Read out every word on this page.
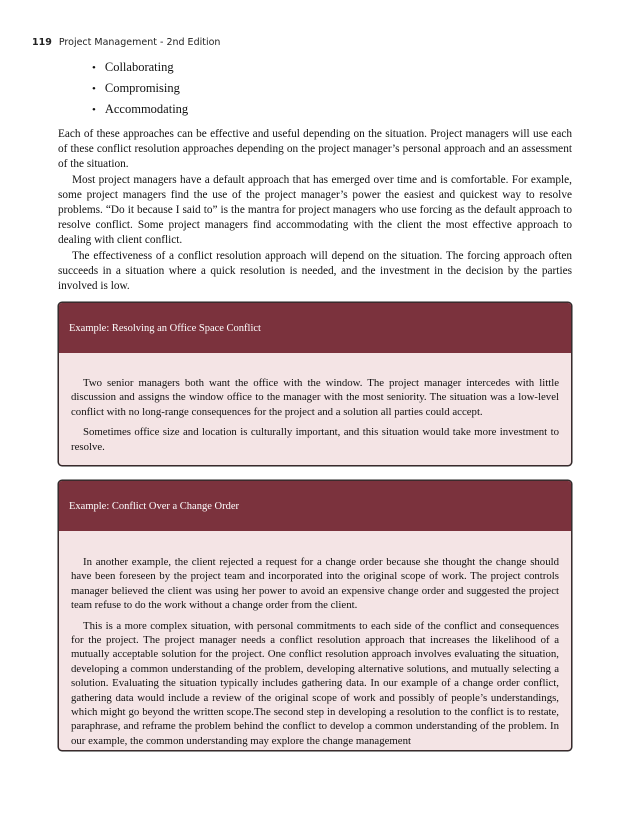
119 Project Management - 2nd Edition
• Collaborating
• Compromising
• Accommodating

Each of these approaches can be effective and useful depending on the situation. Project managers will use each of these conflict resolution approaches depending on the project manager’s personal approach and an assessment of the situation.

Most project managers have a default approach that has emerged over time and is comfortable. For example, some project managers find the use of the project manager’s power the easiest and quickest way to resolve problems. “Do it because I said to” is the mantra for project managers who use forcing as the default approach to resolve conflict. Some project managers find accommodating with the client the most effective approach to dealing with client conflict.

The effectiveness of a conflict resolution approach will depend on the situation. The forcing approach often succeeds in a situation where a quick resolution is needed, and the investment in the decision by the parties involved is low.

Example: Resolving an Office Space Conflict

Two senior managers both want the office with the window. The project manager intercedes with little discussion and assigns the window office to the manager with the most seniority. The situation was a low-level conflict with no long-range consequences for the project and a solution all parties could accept.

Sometimes office size and location is culturally important, and this situation would take more investment to resolve.

Example: Conflict Over a Change Order

In another example, the client rejected a request for a change order because she thought the change should have been foreseen by the project team and incorporated into the original scope of work. The project controls manager believed the client was using her power to avoid an expensive change order and suggested the project team refuse to do the work without a change order from the client.

This is a more complex situation, with personal commitments to each side of the conflict and consequences for the project. The project manager needs a conflict resolution approach that increases the likelihood of a mutually acceptable solution for the project. One conflict resolution approach involves evaluating the situation, developing a common understanding of the problem, developing alternative solutions, and mutually selecting a solution. Evaluating the situation typically includes gathering data. In our example of a change order conflict, gathering data would include a review of the original scope of work and possibly of people’s understandings, which might go beyond the written scope.The second step in developing a resolution to the conflict is to restate, paraphrase, and reframe the problem behind the conflict to develop a common understanding of the problem. In our example, the common understanding may explore the change management
